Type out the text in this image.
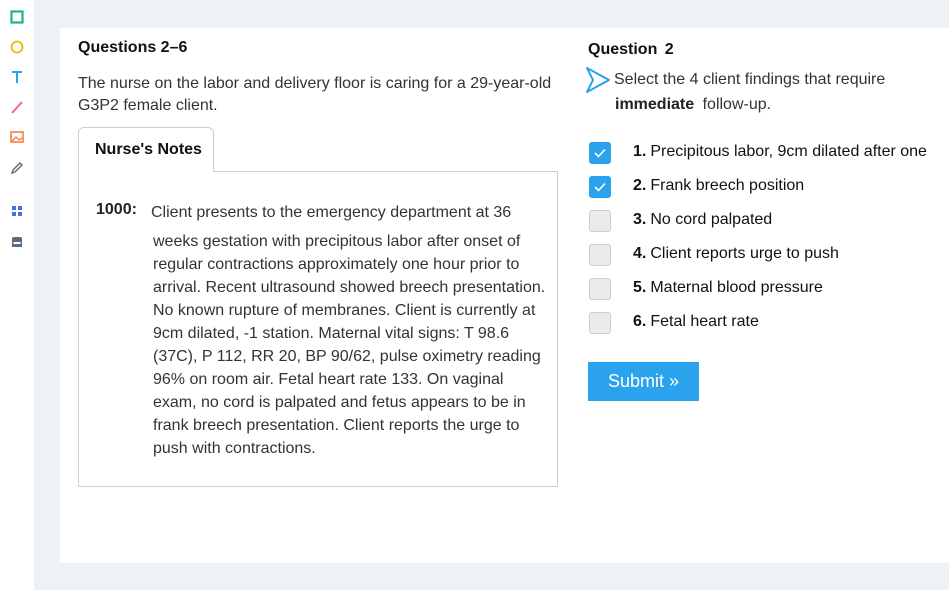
Questions 2–6
The nurse on the labor and delivery floor is caring for a 29-year-old G3P2 female client.
Nurse's Notes
1000: Client presents to the emergency department at 36
weeks gestation with precipitous labor after onset of
regular contractions approximately one hour prior to
arrival. Recent ultrasound showed breech presentation.
No known rupture of membranes. Client is currently at
9cm dilated, -1 station. Maternal vital signs: T 98.6
(37C), P 112, RR 20, BP 90/62, pulse oximetry reading
96% on room air. Fetal heart rate 133. On vaginal
exam, no cord is palpated and fetus appears to be in
frank breech presentation. Client reports the urge to
push with contractions.
Question 2
Select the 4 client findings that require
immediate follow-up.
1. Precipitous labor, 9cm dilated after one
2. Frank breech position
3. No cord palpated
4. Client reports urge to push
5. Maternal blood pressure
6. Fetal heart rate
Submit »
